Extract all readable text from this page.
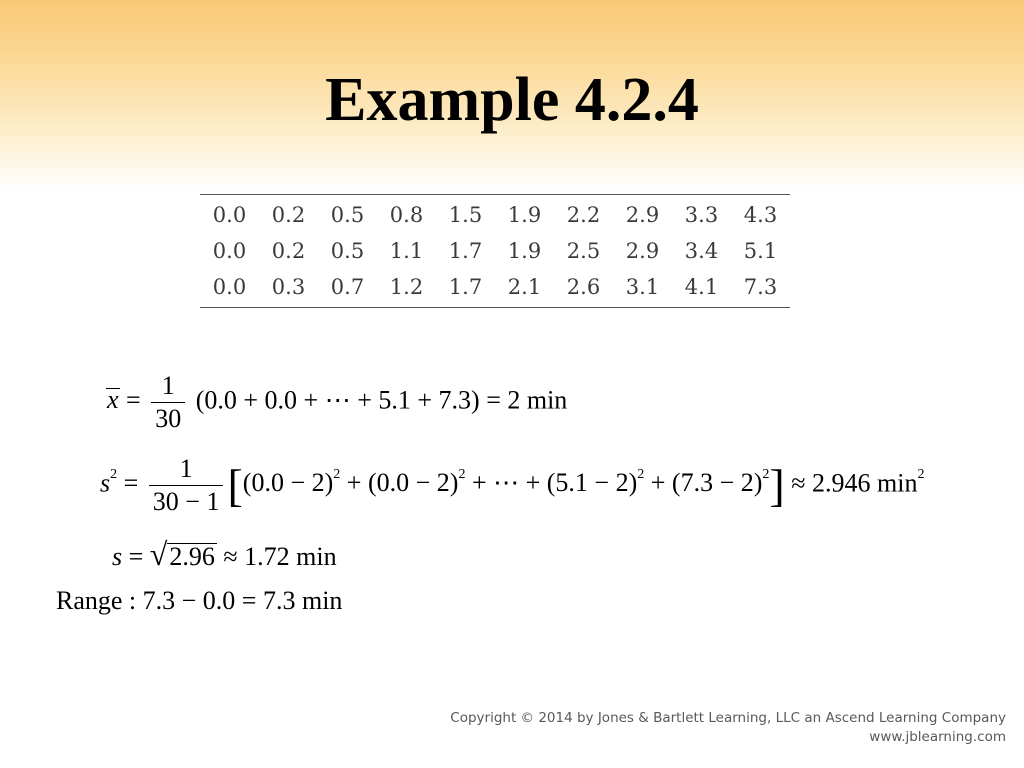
Example 4.2.4
0.0	0.2	0.5	0.8	1.5	1.9	2.2	2.9	3.3	4.3
0.0	0.2	0.5	1.1	1.7	1.9	2.5	2.9	3.4	5.1
0.0	0.3	0.7	1.2	1.7	2.1	2.6	3.1	4.1	7.3
$x = \frac{1}{30} (0.0 + 0.0$ + ⋯ + 5.1 + 7.3) = 2 min
$s^2 = \frac{1}{30 - 1} [(0.0 - 2)^2 + (0.0 - 2)^2$ + ⋯ + $(5.1 - 2)^2 + (7.3 - 2)^2] \approx 2.946$ $\min^2$
s = √2.96 ≈ 1.72 min
Range : 7.3 − 0.0 = 7.3 min
Copyright © 2014 by Jones & Bartlett Learning, LLC an Ascend Learning Company
www.jblearning.com
